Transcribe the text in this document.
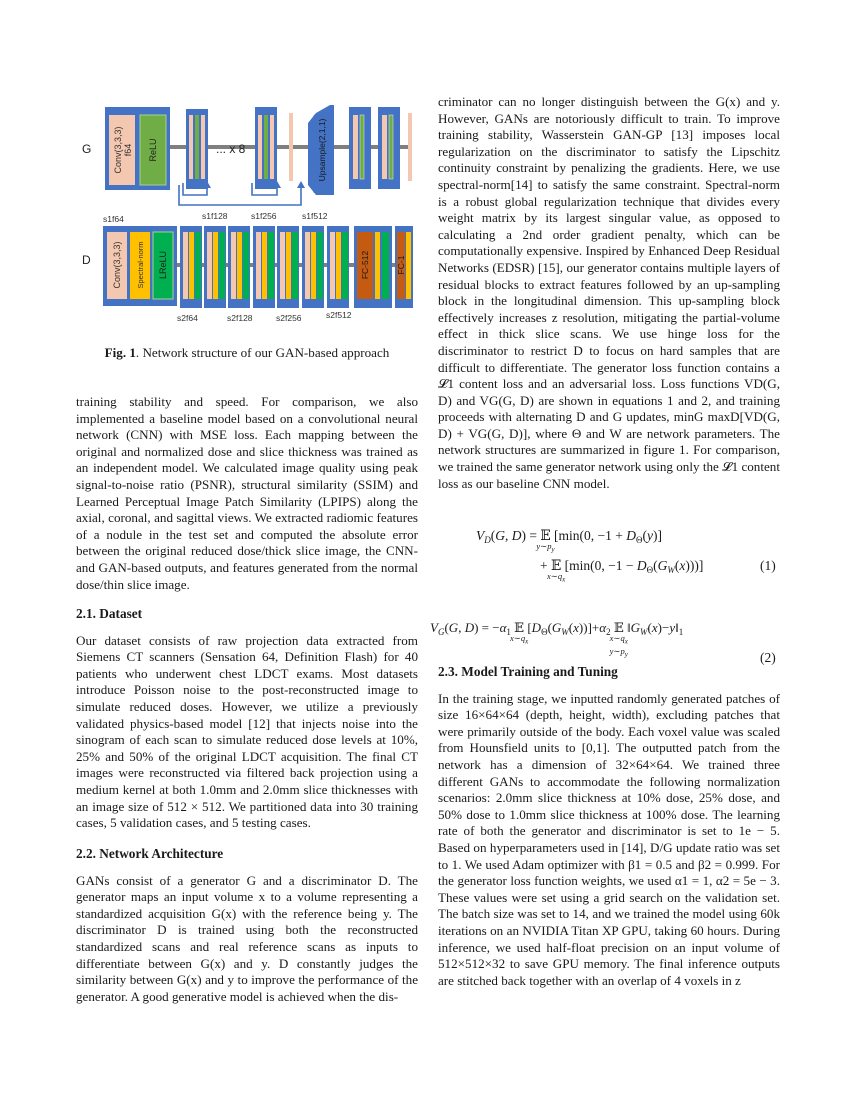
G Conv(3,3,3) f64 ReLU	... x 8	Upsample(2,1,1)
D
s1f64	s1f128	s1f256	s1f512
s2f64	s2f128	s2f256	s2f512
Conv(3,3,3) Spectral-norm LReLU	FC-512	FC-1
Fig. 1. Network structure of our GAN-based approach

training stability and speed. For comparison, we also implemented a baseline model based on a convolutional neural network (CNN) with MSE loss. Each mapping between the original and normalized dose and slice thickness was trained as an independent model. We calculated image quality using peak signal-to-noise ratio (PSNR), structural similarity (SSIM) and Learned Perceptual Image Patch Similarity (LPIPS) along the axial, coronal, and sagittal views. We extracted radiomic features of a nodule in the test set and computed the absolute error between the original reduced dose/thick slice image, the CNN- and GAN-based outputs, and features generated from the normal dose/thin slice image.

2.1. Dataset

Our dataset consists of raw projection data extracted from Siemens CT scanners (Sensation 64, Definition Flash) for 40 patients who underwent chest LDCT exams. Most datasets introduce Poisson noise to the post-reconstructed image to simulate reduced doses. However, we utilize a previously validated physics-based model [12] that injects noise into the sinogram of each scan to simulate reduced dose levels at 10%, 25% and 50% of the original LDCT acquisition. The final CT images were reconstructed via filtered back projection using a medium kernel at both 1.0mm and 2.0mm slice thicknesses with an image size of 512 × 512. We partitioned data into 30 training cases, 5 validation cases, and 5 testing cases.

2.2. Network Architecture

GANs consist of a generator G and a discriminator D. The generator maps an input volume x to a volume representing a standardized acquisition G(x) with the reference being y. The discriminator D is trained using both the reconstructed standardized scans and real reference scans as inputs to differentiate between G(x) and y. D constantly judges the similarity between G(x) and y to improve the performance of the generator. A good generative model is achieved when the dis-

criminator can no longer distinguish between the G(x) and y. However, GANs are notoriously difficult to train. To improve training stability, Wasserstein GAN-GP [13] imposes local regularization on the discriminator to satisfy the Lipschitz continuity constraint by penalizing the gradients. Here, we use spectral-norm[14] to satisfy the same constraint. Spectral-norm is a robust global regularization technique that divides every weight matrix by its largest singular value, as opposed to calculating a 2nd order gradient penalty, which can be computationally expensive. Inspired by Enhanced Deep Residual Networks (EDSR) [15], our generator contains multiple layers of residual blocks to extract features followed by an up-sampling block in the longitudinal dimension. This up-sampling block effectively increases z resolution, mitigating the partial-volume effect in thick slice scans. We use hinge loss for the discriminator to restrict D to focus on hard samples that are difficult to differentiate. The generator loss function contains a 𝓛1 content loss and an adversarial loss. Loss functions VD(G, D) and VG(G, D) are shown in equations 1 and 2, and training proceeds with alternating D and G updates, minG maxD[VD(G, D) + VG(G, D)], where Θ and W are network parameters. The network structures are summarized in figure 1. For comparison, we trained the same generator network using only the 𝓛1 content loss as our baseline CNN model.

$V_D(G$, D) = 𝔼
$y\sim p_y$
[min(0, $-1 + D_\Theta(y)$]
+ 𝔼
$x\sim q_x$
[min(0, $-1 - D_\Theta(G_W(x))$)]	(1)
$V_G(G$, $D) = -\alpha_1$ 𝔼
$x\sim q_x$
$[D_\Theta(G_W(x))]+\alpha_2$ 𝔼
$x\sim q_x$
$y\sim p_y$
$‖G_W(x)-y‖_1$
(2)

2.3. Model Training and Tuning

In the training stage, we inputted randomly generated patches of size 16×64×64 (depth, height, width), excluding patches that were primarily outside of the body. Each voxel value was scaled from Hounsfield units to [0,1]. The outputted patch from the network has a dimension of 32×64×64. We trained three different GANs to accommodate the following normalization scenarios: 2.0mm slice thickness at 10% dose, 25% dose, and 50% dose to 1.0mm slice thickness at 100% dose. The learning rate of both the generator and discriminator is set to 1e − 5. Based on hyperparameters used in [14], D/G update ratio was set to 1. We used Adam optimizer with β1 = 0.5 and β2 = 0.999. For the generator loss function weights, we used α1 = 1, α2 = 5e − 3. These values were set using a grid search on the validation set. The batch size was set to 14, and we trained the model using 60k iterations on an NVIDIA Titan XP GPU, taking 60 hours. During inference, we used half-float precision on an input volume of 512×512×32 to save GPU memory. The final inference outputs are stitched back together with an overlap of 4 voxels in z
